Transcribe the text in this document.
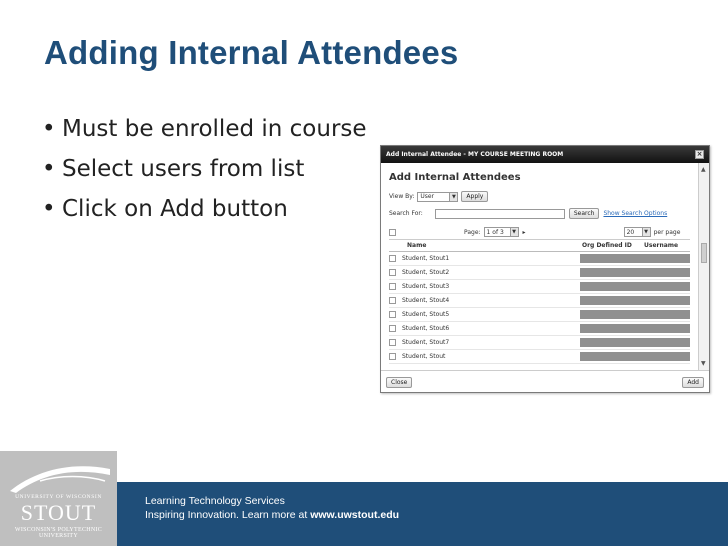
Adding Internal Attendees
• Must be enrolled in course
• Select users from list
• Click on Add button
Add Internal Attendee - MY COURSE MEETING ROOM	×
Add Internal Attendees
View By: User	▼	Apply
Search For:	Search	Show Search Options
Page: 1 of 3	▼ ▸	20	▼ per page
Name	Org Defined ID	Username
Student, Stout1
Student, Stout2
Student, Stout3
Student, Stout4
Student, Stout5
Student, Stout6
Student, Stout7
Student, Stout
▲
▼
Close	Add
UNIVERSITY OF WISCONSIN
STOUT
WISCONSIN'S POLYTECHNIC UNIVERSITY
Learning Technology Services
Inspiring Innovation. Learn more at www.uwstout.edu
